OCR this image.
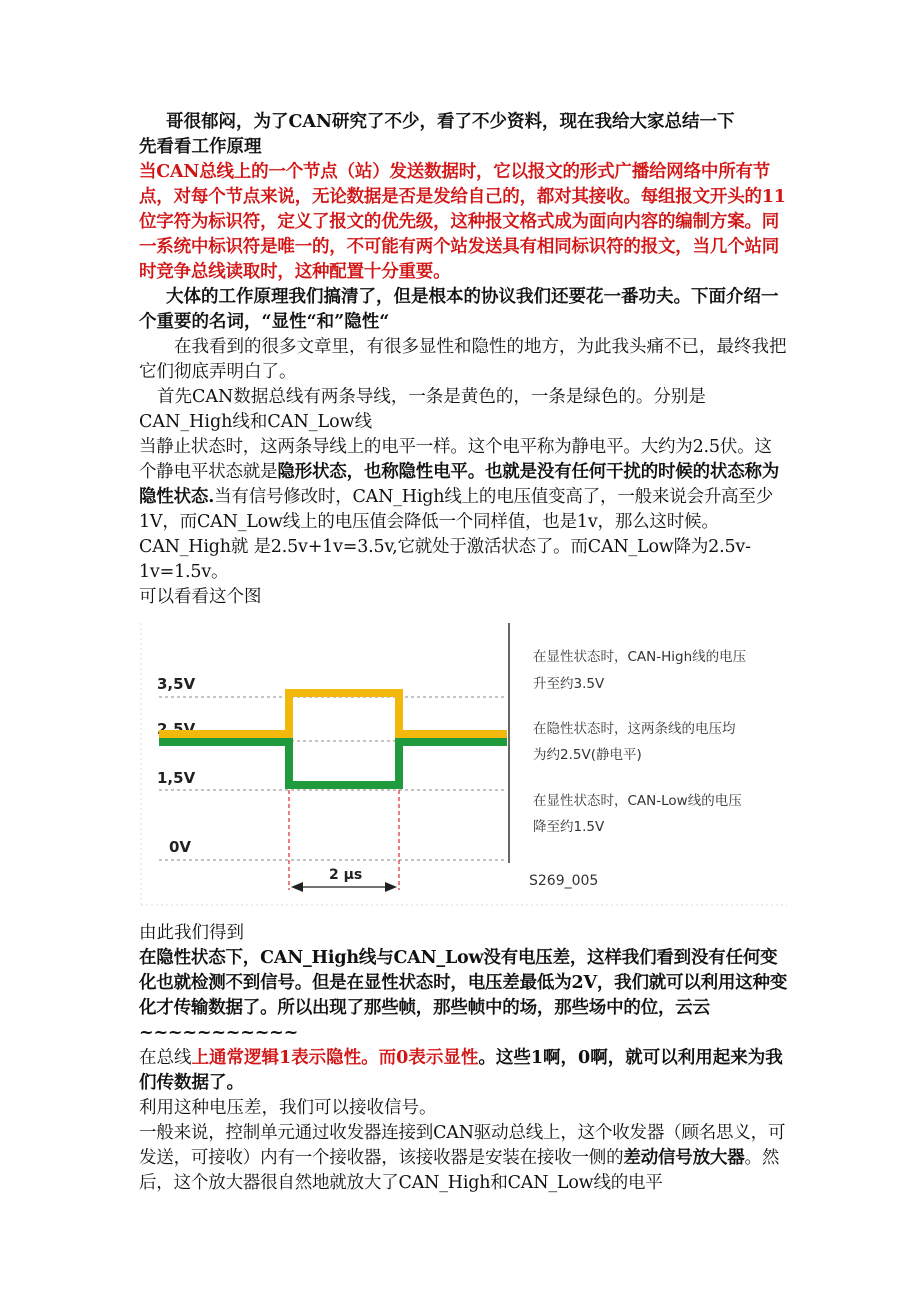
哥很郁闷，为了CAN研究了不少，看了不少资料，现在我给大家总结一下

先看看工作原理

当CAN总线上的一个节点（站）发送数据时，它以报文的形式广播给网络中所有节点，对每个节点来说，无论数据是否是发给自己的，都对其接收。每组报文开头的11位字符为标识符，定义了报文的优先级，这种报文格式成为面向内容的编制方案。同一系统中标识符是唯一的，不可能有两个站发送具有相同标识符的报文，当几个站同时竞争总线读取时，这种配置十分重要。

大体的工作原理我们搞清了，但是根本的协议我们还要花一番功夫。下面介绍一个重要的名词，“显性“和”隐性“

在我看到的很多文章里，有很多显性和隐性的地方，为此我头痛不已，最终我把它们彻底弄明白了。

首先CAN数据总线有两条导线，一条是黄色的，一条是绿色的。分别是CAN_High线和CAN_Low线

当静止状态时，这两条导线上的电平一样。这个电平称为静电平。大约为2.5伏。这个静电平状态就是隐形状态，也称隐性电平。也就是没有任何干扰的时候的状态称为隐性状态.当有信号修改时，CAN_High线上的电压值变高了，一般来说会升高至少1V，而CAN_Low线上的电压值会降低一个同样值，也是1v，那么这时候。CAN_High就 是2.5v+1v=3.5v,它就处于激活状态了。而CAN_Low降为2.5v-1v=1.5v。

可以看看这个图

3,5V
2,5V
1,5V
0V
2 µs	S269_005
在显性状态时，CAN-High线的电压
升至约3.5V
在隐性状态时，这两条线的电压均
为约2.5V(静电平)
在显性状态时，CAN-Low线的电压
降至约1.5V

由此我们得到

在隐性状态下，CAN_High线与CAN_Low没有电压差，这样我们看到没有任何变化也就检测不到信号。但是在显性状态时，电压差最低为2V，我们就可以利用这种变化才传输数据了。所以出现了那些帧，那些帧中的场，那些场中的位，云云~~~~~~~~~~~

在总线上通常逻辑1表示隐性。而0表示显性。这些1啊，0啊，就可以利用起来为我们传数据了。

利用这种电压差，我们可以接收信号。

一般来说，控制单元通过收发器连接到CAN驱动总线上，这个收发器（顾名思义，可发送，可接收）内有一个接收器，该接收器是安装在接收一侧的差动信号放大器。然后，这个放大器很自然地就放大了CAN_High和CAN_Low线的电平
